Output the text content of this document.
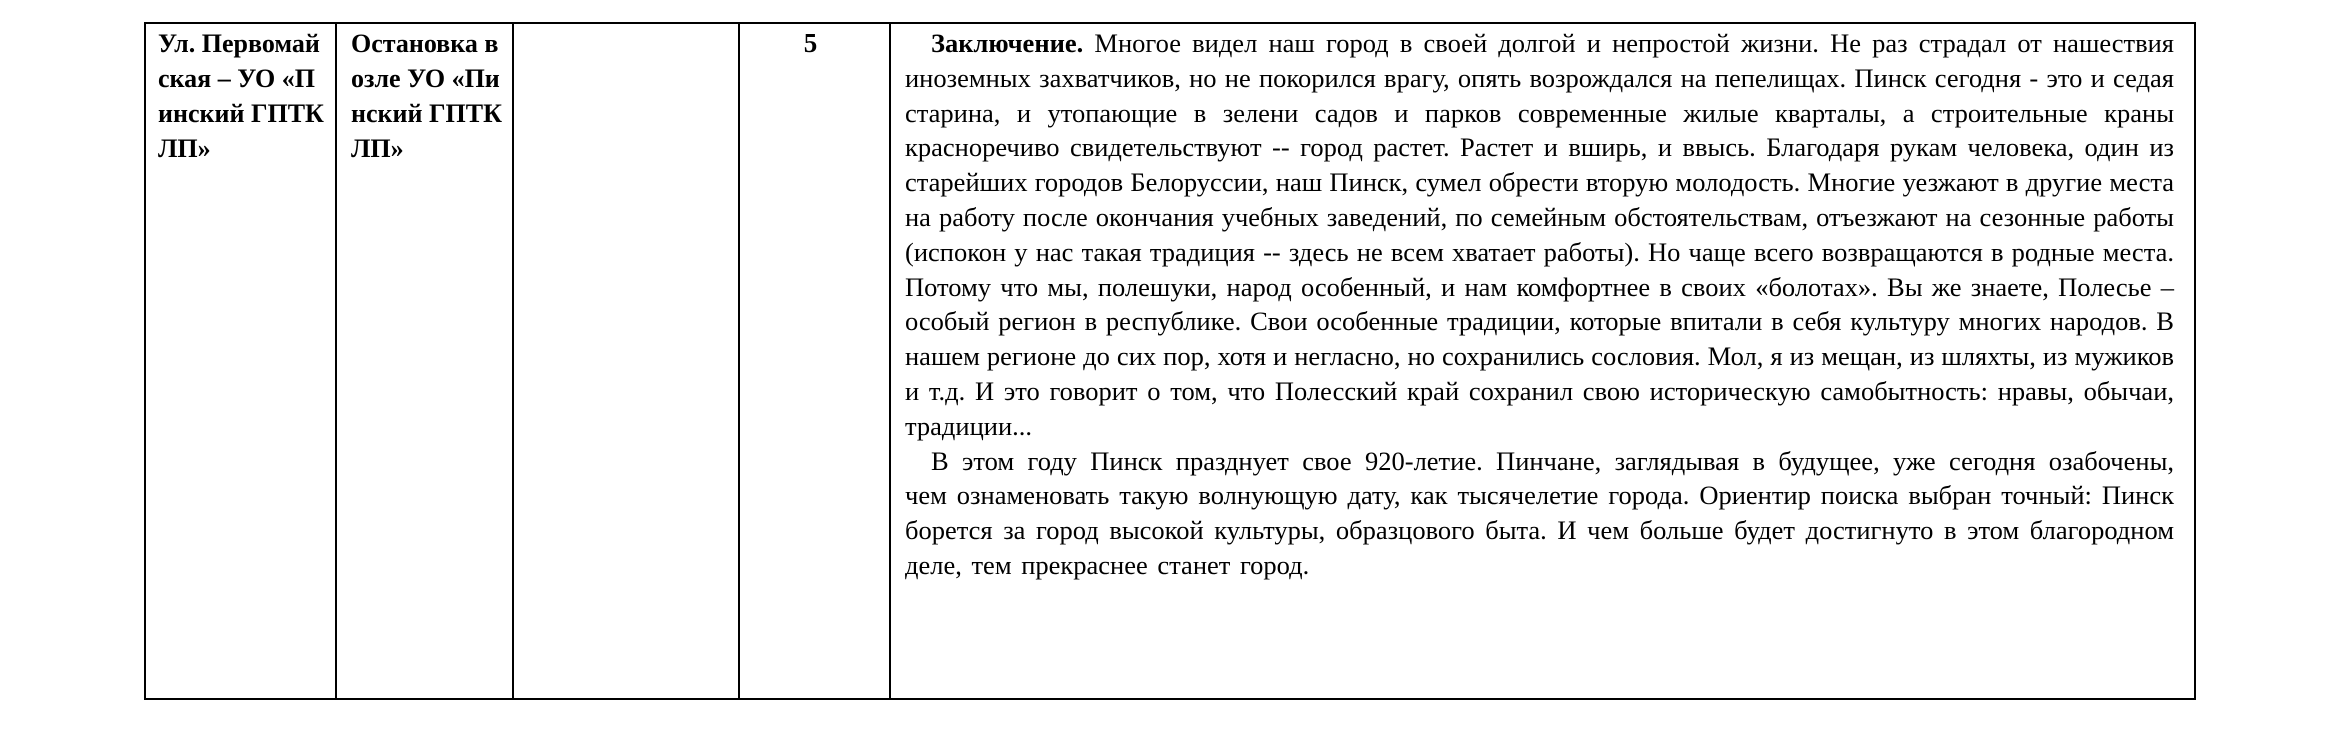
Ул. Первомайская – УО «Пинский ГПТК ЛП»	Остановка возле УО «Пинский ГПТК ЛП»		5	Заключение. Многое видел наш город в своей долгой и непростой жизни. Не раз страдал от нашествия иноземных захватчиков, но не покорился врагу, опять возрождался на пепелищах. Пинск сегодня - это и седая старина, и утопающие в зелени садов и парков современные жилые кварталы, а строительные краны красноречиво свидетельствуют -- город растет. Растет и вширь, и ввысь. Благодаря рукам человека, один из старейших городов Белоруссии, наш Пинск, сумел обрести вторую молодость. Многие уезжают в другие места на работу после окончания учебных заведений, по семейным обстоятельствам, отъезжают на сезонные работы (испокон у нас такая традиция -- здесь не всем хватает работы). Но чаще всего возвращаются в родные места. Потому что мы, полешуки, народ особенный, и нам комфортнее в своих «болотах». Вы же знаете, Полесье – особый регион в республике. Свои особенные традиции, которые впитали в себя культуру многих народов. В нашем регионе до сих пор, хотя и негласно, но сохранились сословия. Мол, я из мещан, из шляхты, из мужиков и т.д. И это говорит о том, что Полесский край сохранил свою историческую самобытность: нравы, обычаи, традиции...

В этом году Пинск празднует свое 920-летие. Пинчане, заглядывая в будущее, уже сегодня озабочены, чем ознаменовать такую волнующую дату, как тысячелетие города. Ориентир поиска выбран точный: Пинск борется за город высокой культуры, образцового быта. И чем больше будет достигнуто в этом благородном деле, тем прекраснее станет город.
